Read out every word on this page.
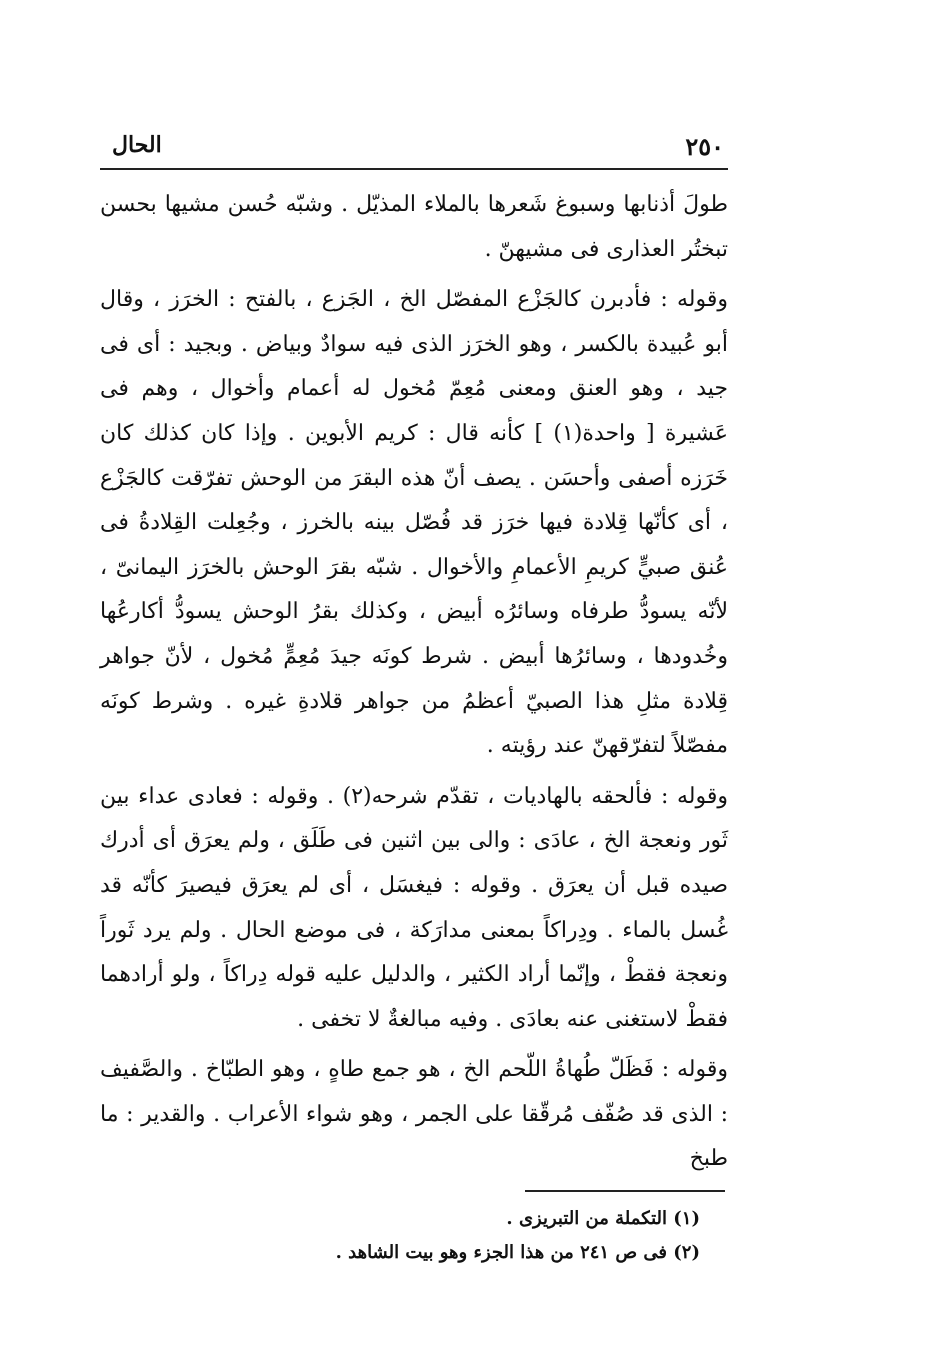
٢٥٠
الحال

طولَ أذنابها وسبوغ شَعرها بالملاء المذيّل . وشبّه حُسن مشيها بحسن تبختُر العذارى فى مشيهنّ .

وقوله : فأدبرن كالجَزْع المفصّل الخ ، الجَزع ، بالفتح : الخرَز ، وقال أبو عُبيدة بالكسر ، وهو الخرَز الذى فيه سوادٌ وبياض . وبجيد : أى فى جيد ، وهو العنق ومعنى مُعِمّ مُخول له أعمام وأخوال ، وهم فى عَشيرة [ واحدة(١) ] كأنه قال : كريم الأبوين . وإذا كان كذلك كان خَرَزه أصفى وأحسَن . يصف أنّ هذه البقرَ من الوحش تفرّقت كالجَزْع ، أى كأنّها قِلادة فيها خرَز قد فُصّل بينه بالخرز ، وجُعِلت القِلادةُ فى عُنق صبيٍّ كريمِ الأعمامِ والأخوال . شبّه بقرَ الوحش بالخرَز اليمانىّ ، لأنّه يسودُّ طرفاه وسائرُه أبيض ، وكذلك بقرُ الوحش يسودُّ أكارعُها وخُدودها ، وسائرُها أبيض . شرط كونَه جيدَ مُعِمٍّ مُخول ، لأنّ جواهر قِلادة مثلِ هذا الصبيّ أعظمُ من جواهر قلادةِ غيره . وشرط كونَه مفصّلاً لتفرّقهنّ عند رؤيته .

وقوله : فألحقه بالهاديات ، تقدّم شرحه(٢) . وقوله : فعادى عداء بين ثَور ونعجة الخ ، عادَى : والى بين اثنين فى طَلَق ، ولم يعرَق أى أدرك صيده قبل أن يعرَق . وقوله : فيغسَل ، أى لم يعرَق فيصيرَ كأنّه قد غُسل بالماء . ودِراكاً بمعنى مدارَكة ، فى موضع الحال . ولم يرد ثَوراً ونعجة فقطْ ، وإنّما أراد الكثير ، والدليل عليه قوله دِراكاً ، ولو أرادهما فقطْ لاستغنى عنه بعادَى . وفيه مبالغةٌ لا تخفى .

وقوله : فَظَلّ طُهاةُ اللّحم الخ ، هو جمع طاهٍ ، وهو الطبّاخ . والصَّفيف : الذى قد صُفّف مُرقّقا على الجمر ، وهو شواء الأعراب . والقدير : ما طبخ

(١) التكملة من التبريزى .

(٢) فى ص ٢٤١ من هذا الجزء وهو بيت الشاهد .
